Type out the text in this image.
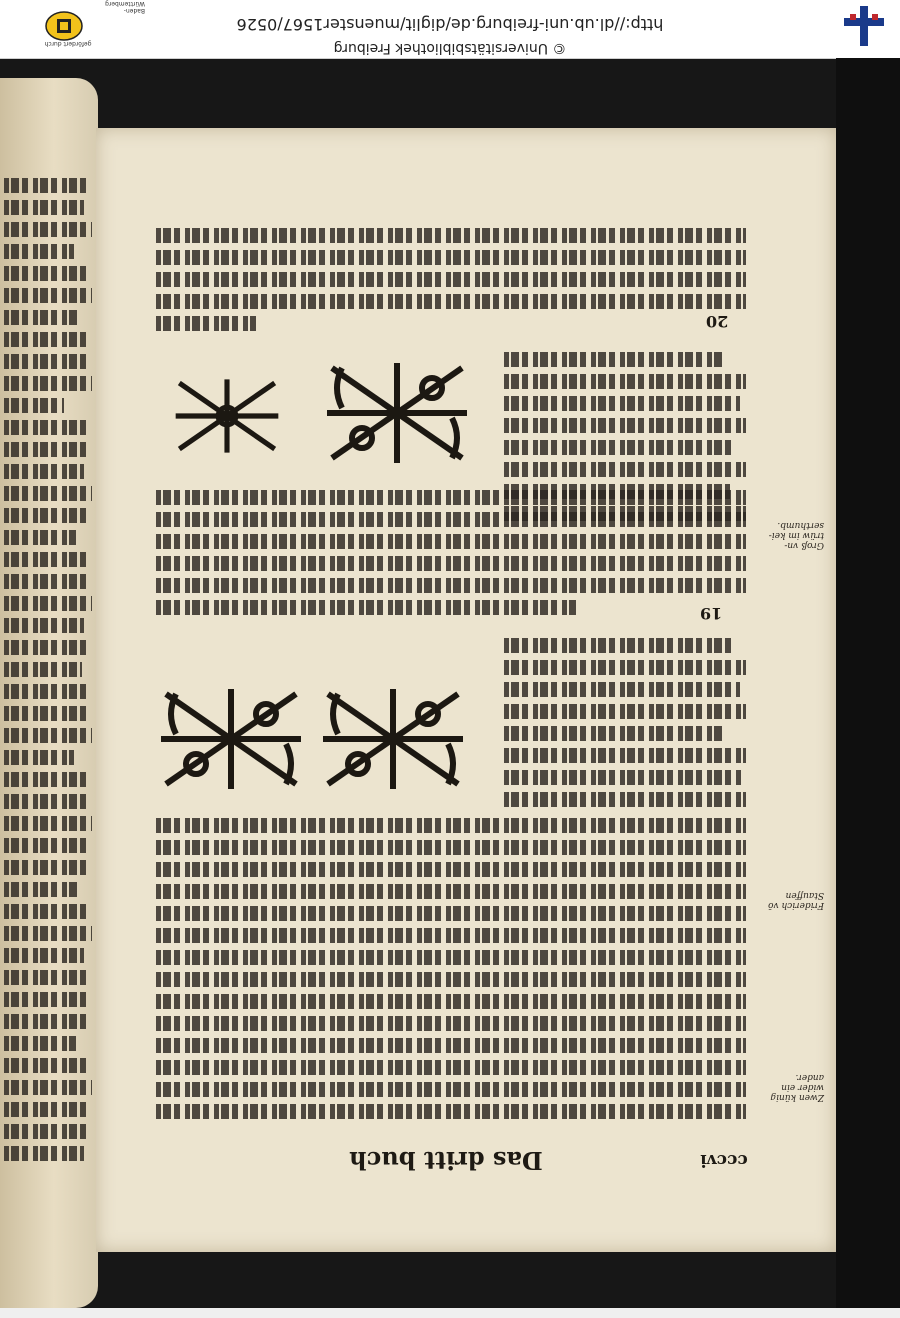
© Universitätsbibliothek Freiburg
http://dl.ub.uni-freiburg.de/diglit/muenster1567/0526
gefördert durch
Baden-Württemberg
Das dritt buch	cccvi
19
20
Zwen künig wider ein ander.
Friderich vō Stauffen
Groß vn-trüw im kei-serthumb.
